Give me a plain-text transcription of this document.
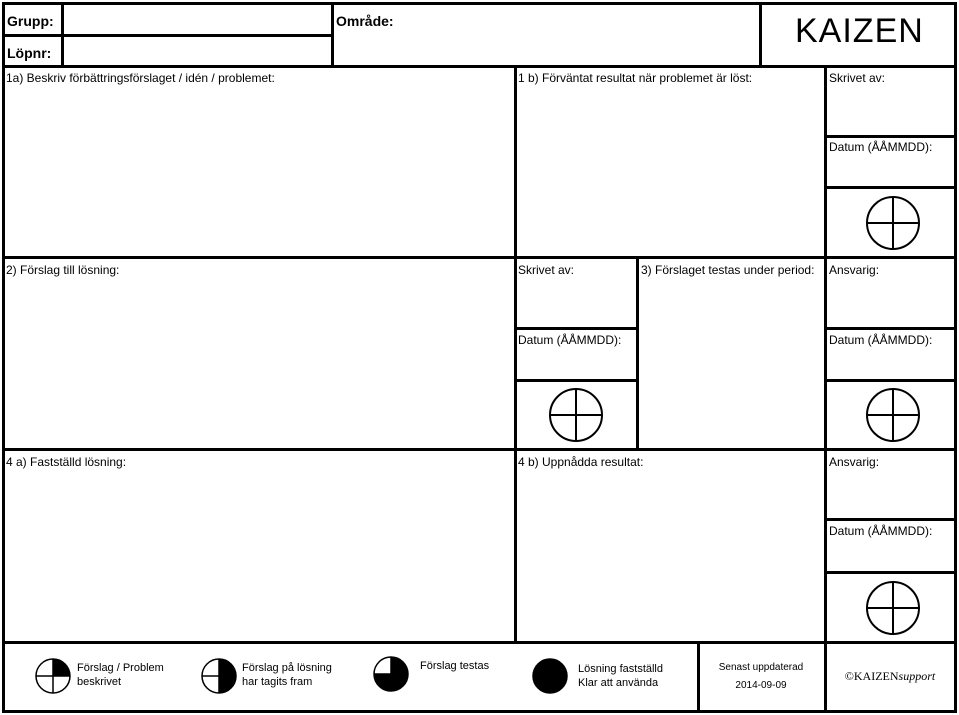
Grupp:
Löpnr:
Område:	KAIZEN
1a) Beskriv förbättringsförslaget / idén / problemet:	1 b) Förväntat resultat när problemet är löst:	Skrivet av:
Datum (ÅÅMMDD):
2) Förslag till lösning:	Skrivet av:
Datum (ÅÅMMDD):
3) Förslaget testas under period: Ansvarig:
Datum (ÅÅMMDD):
4 a) Fastställd lösning:	4 b) Uppnådda resultat:	Ansvarig:
Datum (ÅÅMMDD):
Förslag / Problem
beskrivet
Förslag på lösning
har tagits fram
Förslag testas	Lösning fastställd
Klar att använda
Senast uppdaterad
2014-09-09
©KAIZENsupport
